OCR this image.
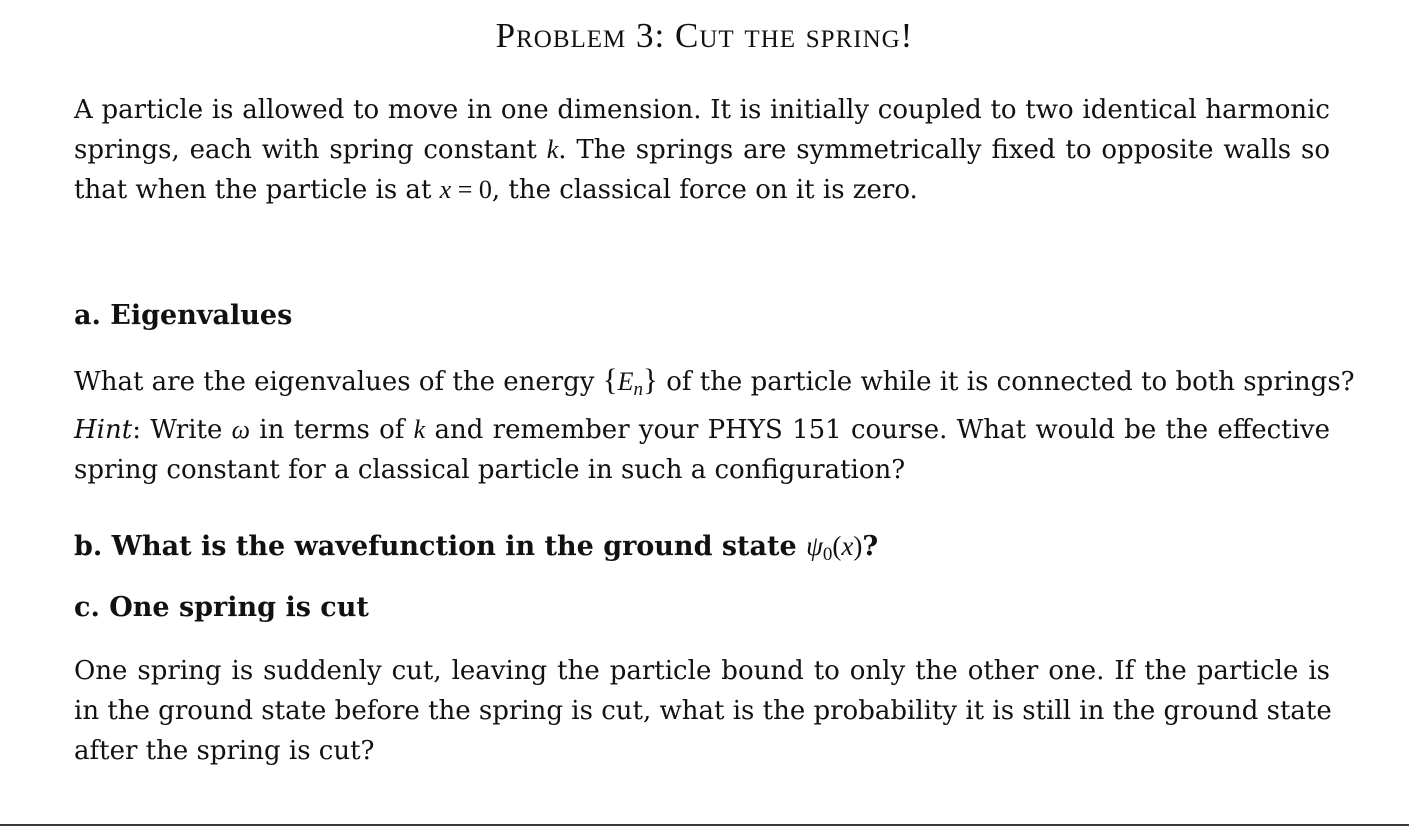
Problem 3: Cut the spring!
A particle is allowed to move in one dimension. It is initially coupled to two identical harmonic
springs, each with spring constant k. The springs are symmetrically fixed to opposite walls so
that when the particle is at x = 0, the classical force on it is zero.
a. Eigenvalues
What are the eigenvalues of the energy $\{E_n\}$ of the particle while it is connected to both springs?
Hint: Write ω in terms of k and remember your PHYS 151 course. What would be the effective
spring constant for a classical particle in such a configuration?
b. What is the wavefunction in the ground state ψ0(x)?
c. One spring is cut
One spring is suddenly cut, leaving the particle bound to only the other one. If the particle is
in the ground state before the spring is cut, what is the probability it is still in the ground state
after the spring is cut?
